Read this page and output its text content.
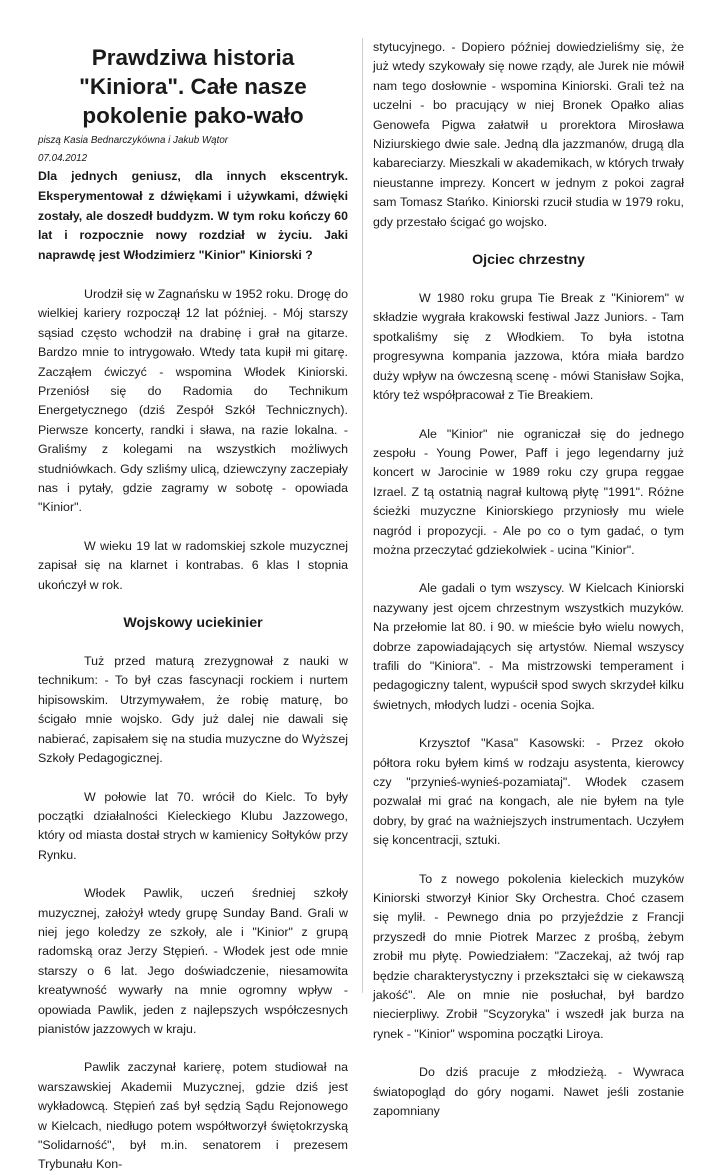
Prawdziwa historia "Kiniora". Całe nasze pokolenie pako-wało
piszą Kasia Bednarczykówna i Jakub Wątor
07.04.2012
Dla jednych geniusz, dla innych ekscentryk. Eksperymentował z dźwiękami i używkami, dźwięki zostały, ale doszedł buddyzm. W tym roku kończy 60 lat i rozpocznie nowy rozdział w życiu. Jaki naprawdę jest Włodzimierz "Kinior" Kiniorski ?

Urodził się w Zagnańsku w 1952 roku. Drogę do wielkiej kariery rozpoczął 12 lat później. - Mój starszy sąsiad często wchodził na drabinę i grał na gitarze. Bardzo mnie to intrygowało. Wtedy tata kupił mi gitarę. Zacząłem ćwiczyć - wspomina Włodek Kiniorski. Przeniósł się do Radomia do Technikum Energetycznego (dziś Zespół Szkół Technicznych). Pierwsze koncerty, randki i sława, na razie lokalna. - Graliśmy z kolegami na wszystkich możliwych studniówkach. Gdy szliśmy ulicą, dziewczyny zaczepiały nas i pytały, gdzie zagramy w sobotę - opowiada "Kinior".

W wieku 19 lat w radomskiej szkole muzycznej zapisał się na klarnet i kontrabas. 6 klas I stopnia ukończył w rok.

Wojskowy uciekinier

Tuż przed maturą zrezygnował z nauki w technikum: - To był czas fascynacji rockiem i nurtem hipisowskim. Utrzymywałem, że robię maturę, bo ścigało mnie wojsko. Gdy już dalej nie dawali się nabierać, zapisałem się na studia muzyczne do Wyższej Szkoły Pedagogicznej.

W połowie lat 70. wrócił do Kielc. To były początki działalności Kieleckiego Klubu Jazzowego, który od miasta dostał strych w kamienicy Sołtyków przy Rynku.

Włodek Pawlik, uczeń średniej szkoły muzycznej, założył wtedy grupę Sunday Band. Grali w niej jego koledzy ze szkoły, ale i "Kinior" z grupą radomską oraz Jerzy Stępień. - Włodek jest ode mnie starszy o 6 lat. Jego doświadczenie, niesamowita kreatywność wywarły na mnie ogromny wpływ - opowiada Pawlik, jeden z najlepszych współczesnych pianistów jazzowych w kraju.

Pawlik zaczynał karierę, potem studiował na warszawskiej Akademii Muzycznej, gdzie dziś jest wykładowcą. Stępień zaś był sędzią Sądu Rejonowego w Kielcach, niedługo potem współtworzył świętokrzyską "Solidarność", był m.in. senatorem i prezesem Trybunału Kon-

stytucyjnego. - Dopiero później dowiedzieliśmy się, że już wtedy szykowały się nowe rządy, ale Jurek nie mówił nam tego dosłownie - wspomina Kiniorski. Grali też na uczelni - bo pracujący w niej Bronek Opałko alias Genowefa Pigwa załatwił u prorektora Mirosława Niziurskiego dwie sale. Jedną dla jazzmanów, drugą dla kabareciarzy. Mieszkali w akademikach, w których trwały nieustanne imprezy. Koncert w jednym z pokoi zagrał sam Tomasz Stańko. Kiniorski rzucił studia w 1979 roku, gdy przestało ścigać go wojsko.

Ojciec chrzestny

W 1980 roku grupa Tie Break z "Kiniorem" w składzie wygrała krakowski festiwal Jazz Juniors. - Tam spotkaliśmy się z Włodkiem. To była istotna progresywna kompania jazzowa, która miała bardzo duży wpływ na ówczesną scenę - mówi Stanisław Sojka, który też współpracował z Tie Breakiem.

Ale "Kinior" nie ograniczał się do jednego zespołu - Young Power, Paff i jego legendarny już koncert w Jarocinie w 1989 roku czy grupa reggae Izrael. Z tą ostatnią nagrał kultową płytę "1991". Różne ścieżki muzyczne Kiniorskiego przyniosły mu wiele nagród i propozycji. - Ale po co o tym gadać, o tym można przeczytać gdziekolwiek - ucina "Kinior".

Ale gadali o tym wszyscy. W Kielcach Kiniorski nazywany jest ojcem chrzestnym wszystkich muzyków. Na przełomie lat 80. i 90. w mieście było wielu nowych, dobrze zapowiadających się artystów. Niemal wszyscy trafili do "Kiniora". - Ma mistrzowski temperament i pedagogiczny talent, wypuścił spod swych skrzydeł kilku świetnych, młodych ludzi - ocenia Sojka.

Krzysztof "Kasa" Kasowski: - Przez około półtora roku byłem kimś w rodzaju asystenta, kierowcy czy "przynieś-wynieś-pozamiataj". Włodek czasem pozwalał mi grać na kongach, ale nie byłem na tyle dobry, by grać na ważniejszych instrumentach. Uczyłem się koncentracji, sztuki.

To z nowego pokolenia kieleckich muzyków Kiniorski stworzył Kinior Sky Orchestra. Choć czasem się mylił. - Pewnego dnia po przyjeździe z Francji przyszedł do mnie Piotrek Marzec z prośbą, żebym zrobił mu płytę. Powiedziałem: "Zaczekaj, aż twój rap będzie charakterystyczny i przekształci się w ciekawszą jakość". Ale on mnie nie posłuchał, był bardzo niecierpliwy. Zrobił "Scyzoryka" i wszedł jak burza na rynek - "Kinior" wspomina początki Liroya.

Do dziś pracuje z młodzieżą. - Wywraca światopogląd do góry nogami. Nawet jeśli zostanie zapomniany
